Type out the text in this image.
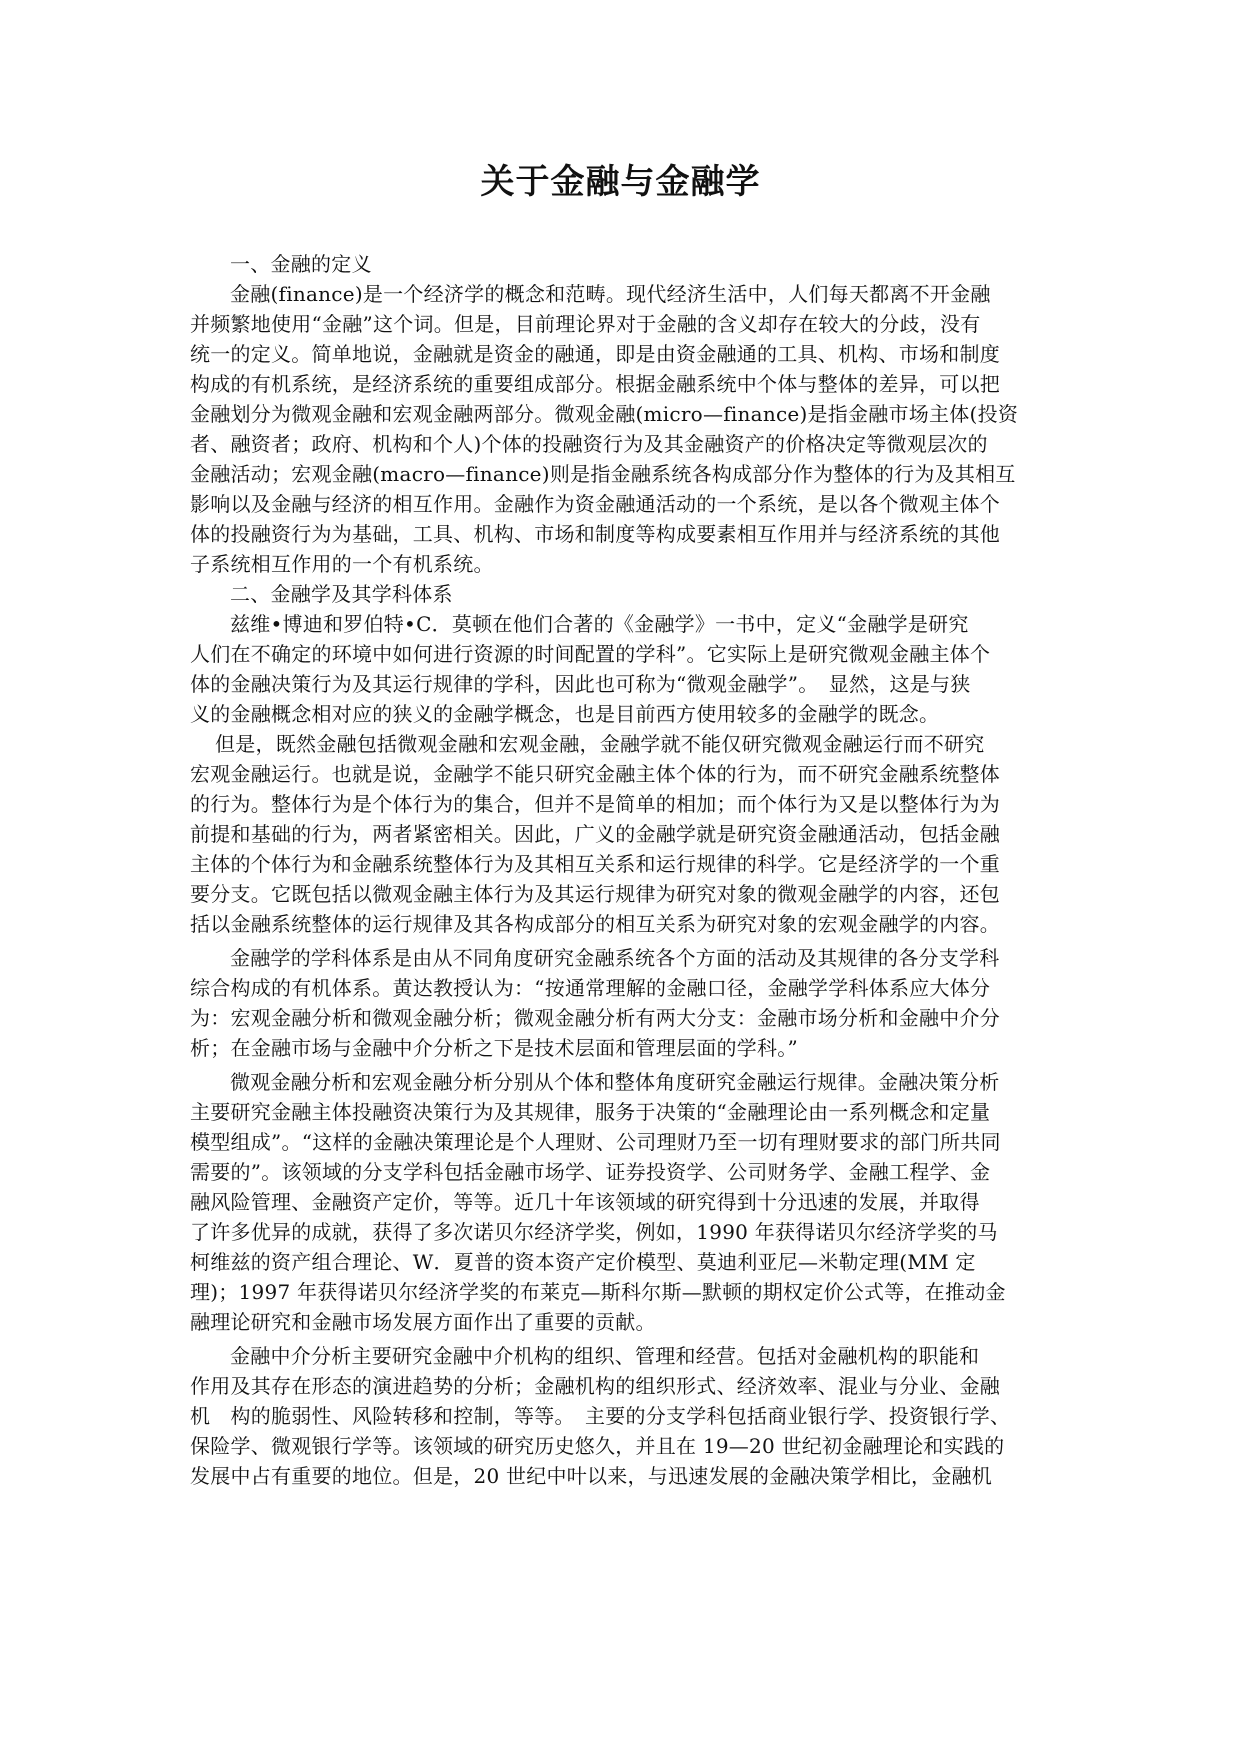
关于金融与金融学
一、金融的定义
金融(finance)是一个经济学的概念和范畴。现代经济生活中，人们每天都离不开金融
并频繁地使用“金融”这个词。但是，目前理论界对于金融的含义却存在较大的分歧，没有
统一的定义。简单地说，金融就是资金的融通，即是由资金融通的工具、机构、市场和制度
构成的有机系统，是经济系统的重要组成部分。根据金融系统中个体与整体的差异，可以把
金融划分为微观金融和宏观金融两部分。微观金融(micro—finance)是指金融市场主体(投资
者、融资者；政府、机构和个人)个体的投融资行为及其金融资产的价格决定等微观层次的
金融活动；宏观金融(macro—finance)则是指金融系统各构成部分作为整体的行为及其相互
影响以及金融与经济的相互作用。金融作为资金融通活动的一个系统，是以各个微观主体个
体的投融资行为为基础，工具、机构、市场和制度等构成要素相互作用并与经济系统的其他
子系统相互作用的一个有机系统。
二、金融学及其学科体系
兹维•博迪和罗伯特•C．莫顿在他们合著的《金融学》一书中，定义“金融学是研究
人们在不确定的环境中如何进行资源的时间配置的学科”。它实际上是研究微观金融主体个
体的金融决策行为及其运行规律的学科，因此也可称为“微观金融学”。　显然，这是与狭
义的金融概念相对应的狭义的金融学概念，也是目前西方使用较多的金融学的既念。
但是，既然金融包括微观金融和宏观金融，金融学就不能仅研究微观金融运行而不研究
宏观金融运行。也就是说，金融学不能只研究金融主体个体的行为，而不研究金融系统整体
的行为。整体行为是个体行为的集合，但并不是简单的相加；而个体行为又是以整体行为为
前提和基础的行为，两者紧密相关。因此，广义的金融学就是研究资金融通活动，包括金融
主体的个体行为和金融系统整体行为及其相互关系和运行规律的科学。它是经济学的一个重
要分支。它既包括以微观金融主体行为及其运行规律为研究对象的微观金融学的内容，还包
括以金融系统整体的运行规律及其各构成部分的相互关系为研究对象的宏观金融学的内容。
金融学的学科体系是由从不同角度研究金融系统各个方面的活动及其规律的各分支学科
综合构成的有机体系。黄达教授认为：“按通常理解的金融口径，金融学学科体系应大体分
为：宏观金融分析和微观金融分析；微观金融分析有两大分支：金融市场分析和金融中介分
析；在金融市场与金融中介分析之下是技术层面和管理层面的学科。”
微观金融分析和宏观金融分析分别从个体和整体角度研究金融运行规律。金融决策分析
主要研究金融主体投融资决策行为及其规律，服务于决策的“金融理论由一系列概念和定量
模型组成”。“这样的金融决策理论是个人理财、公司理财乃至一切有理财要求的部门所共同
需要的”。该领域的分支学科包括金融市场学、证券投资学、公司财务学、金融工程学、金
融风险管理、金融资产定价，等等。近几十年该领域的研究得到十分迅速的发展，并取得
了许多优异的成就，获得了多次诺贝尔经济学奖，例如，1990 年获得诺贝尔经济学奖的马
柯维兹的资产组合理论、W．夏普的资本资产定价模型、莫迪利亚尼—米勒定理(MM 定
理)；1997 年获得诺贝尔经济学奖的布莱克—斯科尔斯—默顿的期权定价公式等，在推动金
融理论研究和金融市场发展方面作出了重要的贡献。
金融中介分析主要研究金融中介机构的组织、管理和经营。包括对金融机构的职能和
作用及其存在形态的演进趋势的分析；金融机构的组织形式、经济效率、混业与分业、金融
机　构的脆弱性、风险转移和控制，等等。　主要的分支学科包括商业银行学、投资银行学、
保险学、微观银行学等。该领域的研究历史悠久，并且在 19—20 世纪初金融理论和实践的
发展中占有重要的地位。但是，20 世纪中叶以来，与迅速发展的金融决策学相比，金融机
